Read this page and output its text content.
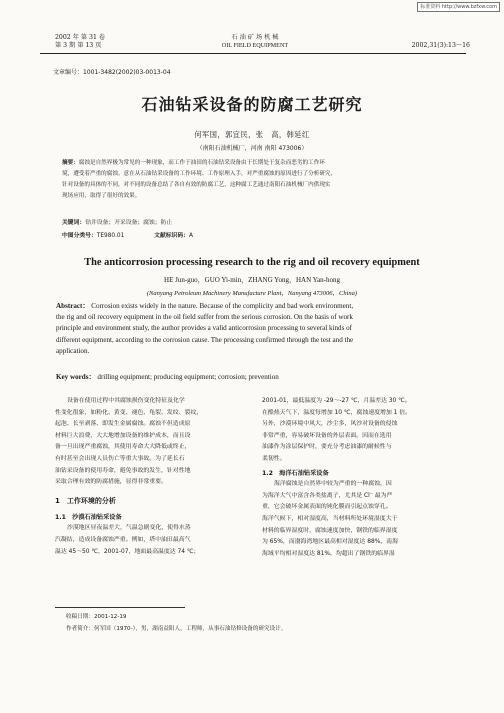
标准资料 http://www.bzfxw.com
2002 年 第 31 卷
第 3 期 第 13 页
石 油 矿 场 机 械
OIL FIELD EQUIPMENT	2002,31(3):13～16
文章编号：1001-3482(2002)03-0013-04
石油钻采设备的防腐工艺研究
何军国，郭宜民，张　高，韩延红
（南阳石油机械厂，河南 南阳 473006）
摘要：腐蚀是自然界极为常见的一种现象，而工作于油田的石油钻采设备由于长期处于复杂而恶劣的工作环
境，遭受着严重的腐蚀。意在从石油钻采设备的工作环境、工作原理入手，对严重腐蚀的原因进行了分析研究，
针对设备的具体的不同，对不同的设备总结了各自有效的防腐工艺，这种腐工艺通过南阳石油机械厂内供现实
现场应用，取得了很好的效果。
关键词：钻井设备；开采设备；腐蚀；防止
中图分类号：TE980.01	文献标识码：A
The anticorrosion processing research to the rig and oil recovery equipment
HE Jun-guo，GUO Yi-min，ZHANG Yong，HAN Yan-hong
(Nanyang Petroleum Machinery Manufacture Plant，Nanyang 473006，China)
Abstract： Corrosion exists widely in the nature. Because of the complicity and bad work environment,
the rig and oil recovery equipment in the oil field suffer from the serious corrosion. On the basis of work
principle and environment study, the author provides a valid anticorrosion processing to several kinds of
different equipment, according to the corrosion cause. The processing confirmed through the test and the
application.
Key words： drilling equipment; producing equipment; corrosion; prevention

设备在使用过程中其腐蚀损伤变化特征及化学

性变化很象，如粉化、黄变、褪色、龟裂、发纹、裂纹、
起泡、长至剥落、即发生金属腐蚀。腐蚀不但造成原
材料巨大浪费，大大地增加设备的维护成本，而且设
备一旦出现严重腐蚀，其使用寿命大大降低或终止，
有时甚至会出现人员伤亡等重大事故。为了延长石
油钻采设备的使用寿命，避免事故的发生，针对性地
采取合理有效的防腐措施，显得非常重要。
1　工作环境的分析
1.1　沙漠石油钻采设备

沙漠地区昼夜温差大，气温急剧变化，使得水蒸

汽凝结，造成设备腐蚀严重。例如，塔中油田最高气
温达 45～50 ℃，2001-07，地面最高温度达 74 ℃；
2001-01，最低温度为 -29～-27 ℃，月温差达 30 ℃。
在酷热天气下，温度每增加 10 ℃，腐蚀速度增加 1 倍。
另外，沙漠环境中风大，沙尘多，风沙对设备的侵蚀
非常严重，容易破坏设备的外层表面。因而在选用
油漆作为涂层保护时，要充分考虑油漆的耐候性与
柔韧性。
1.2　海洋石油钻采设备

海洋腐蚀是自然界中较为严重的一种腐蚀，因

为海洋大气中富含各类盐离子，尤其是 Cl⁻ 最为严
重，它会破坏金属表面的钝化膜而引起点蚀穿孔。
海洋气候下，相对湿度高，当材料所处环境湿度大于
材料的临界湿度时，腐蚀速度加快，钢铁的临界湿度
为 65%，而渤海湾地区最高相对湿度达 88%，南海
海域平均相对湿度达 81%，均超出了钢铁的临界湿
收稿日期：2001-12-19
作者简介：何军国（1970-），男，湖南益阳人，工程师，从事石油钻修设备的研究设计。
